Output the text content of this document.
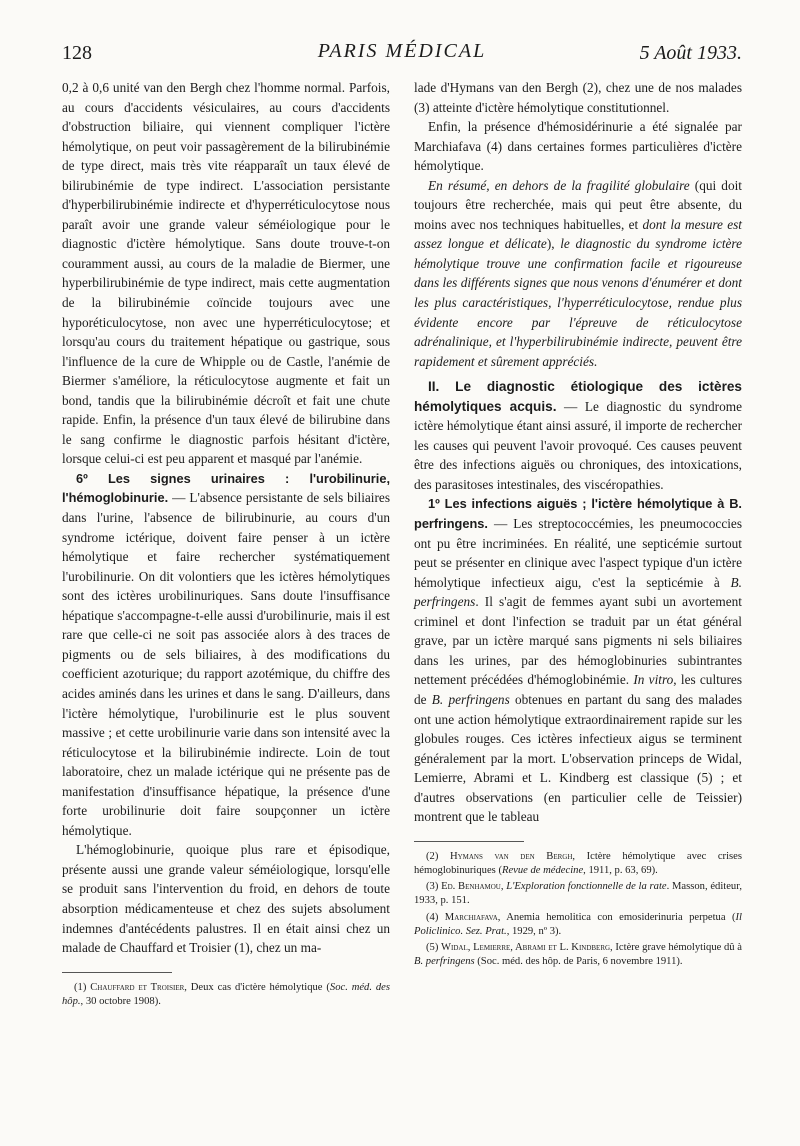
128	PARIS MÉDICAL	5 Août 1933.

0,2 à 0,6 unité van den Bergh chez l'homme normal. Parfois, au cours d'accidents vésiculaires, au cours d'accidents d'obstruction biliaire, qui viennent compliquer l'ictère hémolytique, on peut voir passagèrement de la bilirubinémie de type direct, mais très vite réapparaît un taux élevé de bilirubinémie de type indirect. L'association persistante d'hyperbilirubinémie indirecte et d'hyperréticulocytose nous paraît avoir une grande valeur séméiologique pour le diagnostic d'ictère hémolytique. Sans doute trouve-t-on couramment aussi, au cours de la maladie de Biermer, une hyperbilirubinémie de type indirect, mais cette augmentation de la bilirubinémie coïncide toujours avec une hyporéticulocytose, non avec une hyperréticulocytose; et lorsqu'au cours du traitement hépatique ou gastrique, sous l'influence de la cure de Whipple ou de Castle, l'anémie de Biermer s'améliore, la réticulocytose augmente et fait un bond, tandis que la bilirubinémie décroît et fait une chute rapide. Enfin, la présence d'un taux élevé de bilirubine dans le sang confirme le diagnostic parfois hésitant d'ictère, lorsque celui-ci est peu apparent et masqué par l'anémie.

6º Les signes urinaires : l'urobilinurie, l'hémoglobinurie. — L'absence persistante de sels biliaires dans l'urine, l'absence de bilirubinurie, au cours d'un syndrome ictérique, doivent faire penser à un ictère hémolytique et faire rechercher systématiquement l'urobilinurie. On dit volontiers que les ictères hémolytiques sont des ictères urobilinuriques. Sans doute l'insuffisance hépatique s'accompagne-t-elle aussi d'urobilinurie, mais il est rare que celle-ci ne soit pas associée alors à des traces de pigments ou de sels biliaires, à des modifications du coefficient azoturique; du rapport azotémique, du chiffre des acides aminés dans les urines et dans le sang. D'ailleurs, dans l'ictère hémolytique, l'urobilinurie est le plus souvent massive ; et cette urobilinurie varie dans son intensité avec la réticulocytose et la bilirubinémie indirecte. Loin de tout laboratoire, chez un malade ictérique qui ne présente pas de manifestation d'insuffisance hépatique, la présence d'une forte urobilinurie doit faire soupçonner un ictère hémolytique.

L'hémoglobinurie, quoique plus rare et épisodique, présente aussi une grande valeur séméiologique, lorsqu'elle se produit sans l'intervention du froid, en dehors de toute absorption médicamenteuse et chez des sujets absolument indemnes d'antécédents palustres. Il en était ainsi chez un malade de Chauffard et Troisier (1), chez un ma-

(1) Chauffard et Troisier, Deux cas d'ictère hémolytique (Soc. méd. des hôp., 30 octobre 1908).

lade d'Hymans van den Bergh (2), chez une de nos malades (3) atteinte d'ictère hémolytique constitutionnel.

Enfin, la présence d'hémosidérinurie a été signalée par Marchiafava (4) dans certaines formes particulières d'ictère hémolytique.

En résumé, en dehors de la fragilité globulaire (qui doit toujours être recherchée, mais qui peut être absente, du moins avec nos techniques habituelles, et dont la mesure est assez longue et délicate), le diagnostic du syndrome ictère hémolytique trouve une confirmation facile et rigoureuse dans les différents signes que nous venons d'énumérer et dont les plus caractéristiques, l'hyperréticulocytose, rendue plus évidente encore par l'épreuve de réticulocytose adrénalinique, et l'hyperbilirubinémie indirecte, peuvent être rapidement et sûrement appréciés.

II. Le diagnostic étiologique des ictères hémolytiques acquis. — Le diagnostic du syndrome ictère hémolytique étant ainsi assuré, il importe de rechercher les causes qui peuvent l'avoir provoqué. Ces causes peuvent être des infections aiguës ou chroniques, des intoxications, des parasitoses intestinales, des viscéropathies.

1º Les infections aiguës ; l'ictère hémolytique à B. perfringens. — Les streptococcémies, les pneumococcies ont pu être incriminées. En réalité, une septicémie surtout peut se présenter en clinique avec l'aspect typique d'un ictère hémolytique infectieux aigu, c'est la septicémie à B. perfringens. Il s'agit de femmes ayant subi un avortement criminel et dont l'infection se traduit par un état général grave, par un ictère marqué sans pigments ni sels biliaires dans les urines, par des hémoglobinuries subintrantes nettement précédées d'hémoglobinémie. In vitro, les cultures de B. perfringens obtenues en partant du sang des malades ont une action hémolytique extraordinairement rapide sur les globules rouges. Ces ictères infectieux aigus se terminent généralement par la mort. L'observation princeps de Widal, Lemierre, Abrami et L. Kindberg est classique (5) ; et d'autres observations (en particulier celle de Teissier) montrent que le tableau

(2) Hymans van den Bergh, Ictère hémolytique avec crises hémoglobinuriques (Revue de médecine, 1911, p. 63, 69).

(3) Ed. Benhamou, L'Exploration fonctionnelle de la rate. Masson, éditeur, 1933, p. 151.

(4) Marchiafava, Anemia hemolitica con emosiderinuria perpetua (Il Policlinico. Sez. Prat., 1929, nº 3).

(5) Widal, Lemierre, Abrami et L. Kindberg, Ictère grave hémolytique dû à B. perfringens (Soc. méd. des hôp. de Paris, 6 novembre 1911).
